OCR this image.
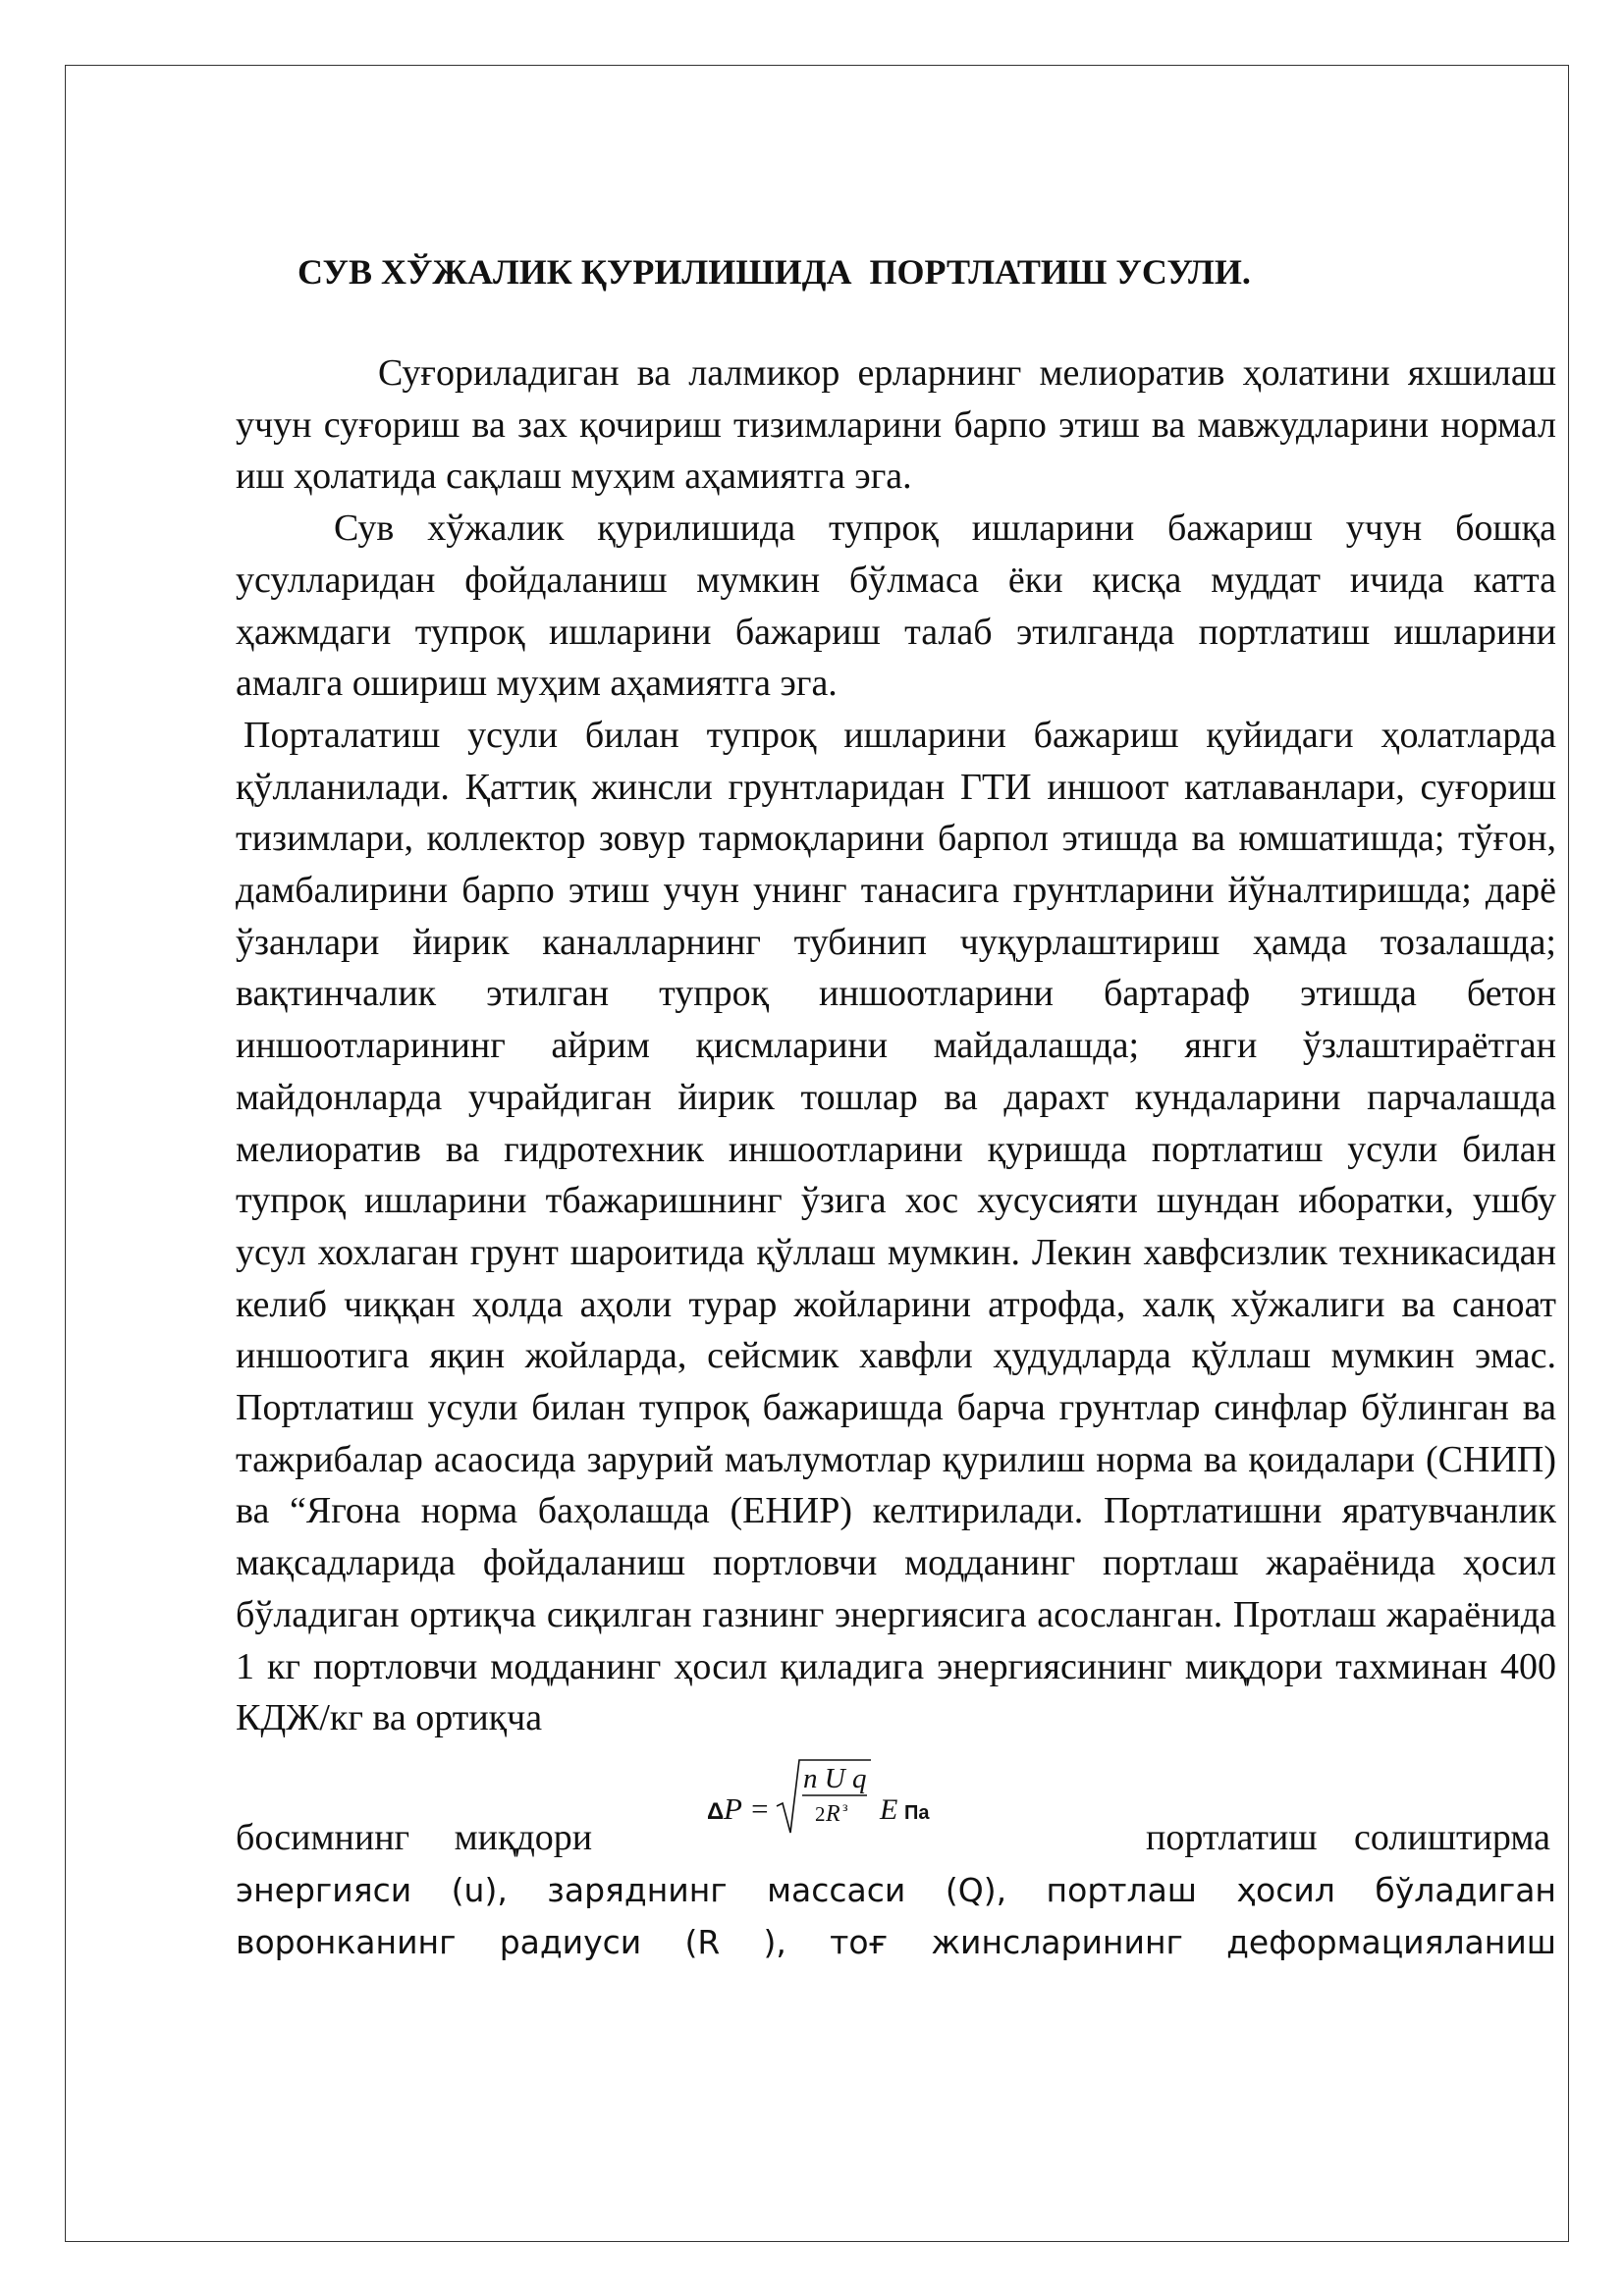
СУВ ХЎЖАЛИК ҚУРИЛИШИДА  ПОРТЛАТИШ УСУЛИ.

Суғориладиган ва лалмикор ерларнинг мелиоратив ҳолатини яхшилаш учун суғориш ва зах қочириш тизимларини барпо этиш ва мавжудларини нормал иш ҳолатида сақлаш муҳим аҳамиятга эга.

Сув хўжалик қурилишида тупроқ ишларини бажариш учун бошқа усулларидан фойдаланиш мумкин бўлмаса ёки қисқа муддат ичида катта ҳажмдаги тупроқ ишларини бажариш талаб этилганда портлатиш ишларини амалга ошириш муҳим аҳамиятга эга.

Порталатиш усули билан тупроқ ишларини бажариш қуйидаги ҳолатларда қўлланилади. Қаттиқ жинсли грунтларидан ГТИ иншоот катлаванлари, суғориш тизимлари, коллектор зовур тармоқларини барпол этишда ва юмшатишда; тўғон, дамбалирини барпо этиш учун унинг танасига грунтларини йўналтиришда; дарё ўзанлари йирик каналларнинг тубинип чуқурлаштириш ҳамда тозалашда; вақтинчалик этилган тупроқ иншоотларини бартараф этишда бетон иншоотларининг айрим қисмларини майдалашда; янги ўзлаштираётган майдонларда учрайдиган йирик тошлар ва дарахт кундаларини парчалашда мелиоратив ва гидротехник иншоотларини қуришда портлатиш усули билан тупроқ ишларини тбажаришнинг ўзига хос хусусияти шундан иборатки, ушбу усул хохлаган грунт шароитида қўллаш мумкин. Лекин хавфсизлик техникасидан келиб чиққан ҳолда аҳоли турар жойларини атрофда, халқ хўжалиги ва саноат иншоотига яқин жойларда, сейсмик хавфли ҳудудларда қўллаш мумкин эмас. Портлатиш усули билан тупроқ бажаришда барча грунтлар синфлар бўлинган ва тажрибалар асаосида зарурий маълумотлар қурилиш норма ва қоидалари (СНИП) ва “Ягона норма баҳолашда (ЕНИР) келтирилади. Портлатишни яратувчанлик мақсадларида фойдаланиш портловчи модданинг портлаш жараёнида ҳосил бўладиган ортиқча сиқилган газнинг энергиясига асосланган. Протлаш жараёнида 1 кг портловчи модданинг ҳосил қиладига энергиясининг миқдори тахминан 400 КДЖ/кг ва ортиқча

босимнинг миқдори
Δ P =
n U q
2 R з E Па
портлатиш солиштирма

энергияси (u), заряднинг массаси (Q), портлаш ҳосил бўладиган

воронканинг радиуси (R ), тоғ жинсларининг деформацияланиш
